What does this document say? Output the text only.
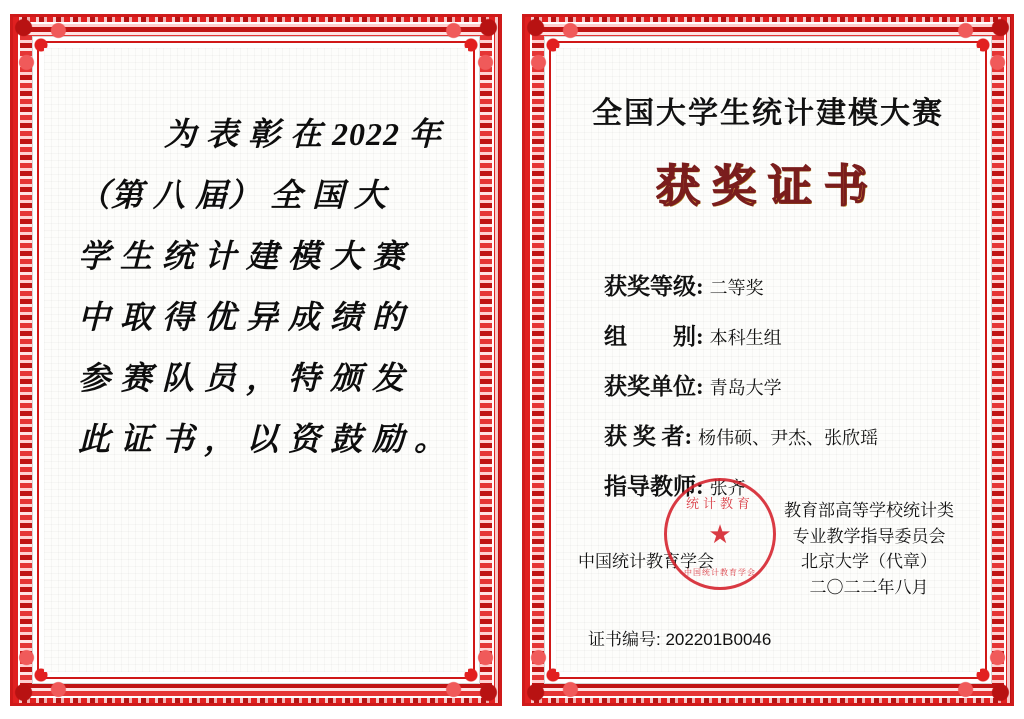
为 表 彰 在 2022 年
（第 八 届） 全 国 大
学 生 统 计 建 模 大 赛
中 取 得 优 异 成 绩 的
参 赛 队 员 ， 特 颁 发
此 证 书 ， 以 资 鼓 励 。
全国大学生统计建模大赛
获奖证书
获奖等级: 二等奖
组　　别: 本科生组
获奖单位: 青岛大学
获 奖 者: 杨伟硕、尹杰、张欣瑶
指导教师: 张齐
中国统计教育学会
统计教育
★
中国统计教育学会
教育部高等学校统计类
专业教学指导委员会
北京大学（代章）
二〇二二年八月
证书编号: 202201B0046
